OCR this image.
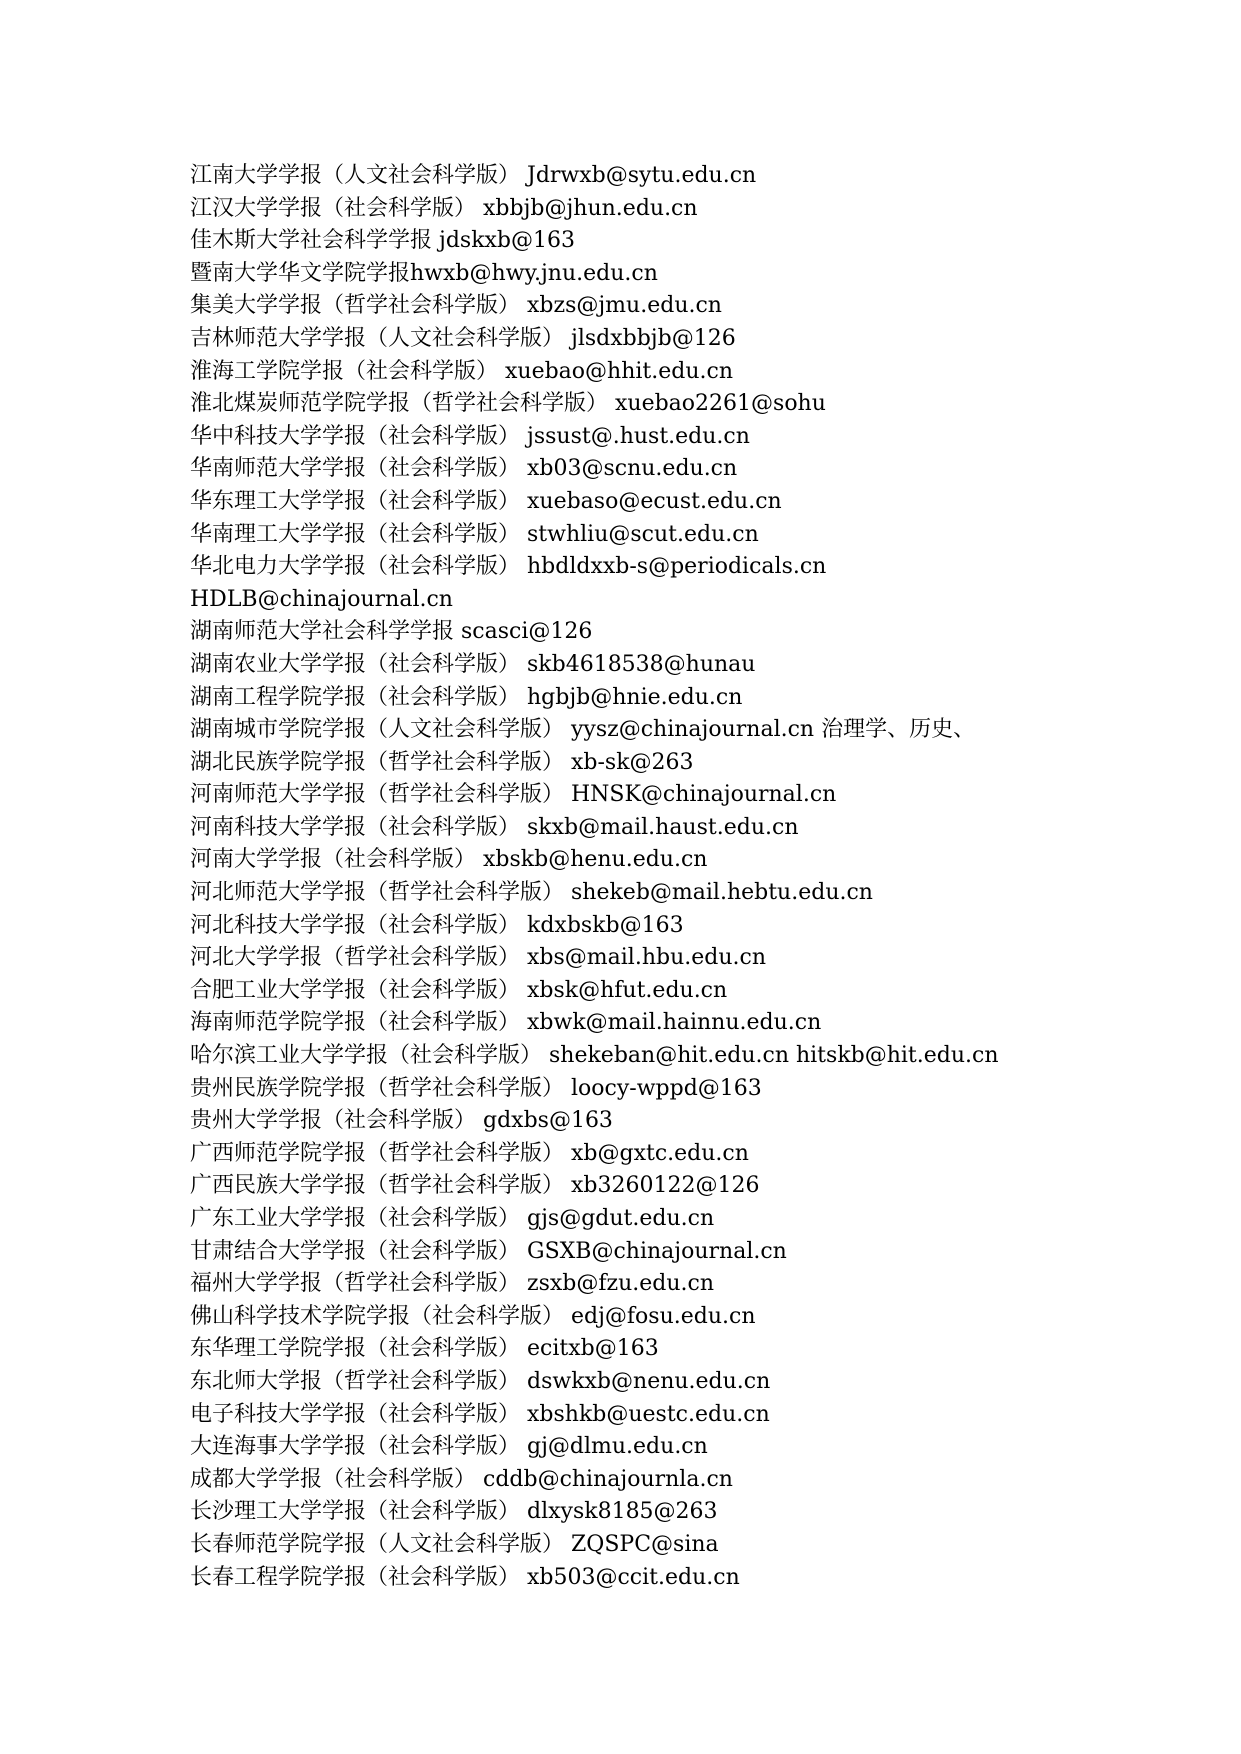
江南大学学报（人文社会科学版） Jdrwxb@sytu.edu.cn
江汉大学学报（社会科学版） xbbjb@jhun.edu.cn
佳木斯大学社会科学学报 jdskxb@163
暨南大学华文学院学报hwxb@hwy.jnu.edu.cn
集美大学学报（哲学社会科学版） xbzs@jmu.edu.cn
吉林师范大学学报（人文社会科学版） jlsdxbbjb@126
淮海工学院学报（社会科学版） xuebao@hhit.edu.cn
淮北煤炭师范学院学报（哲学社会科学版） xuebao2261@sohu
华中科技大学学报（社会科学版） jssust@.hust.edu.cn
华南师范大学学报（社会科学版） xb03@scnu.edu.cn
华东理工大学学报（社会科学版） xuebaso@ecust.edu.cn
华南理工大学学报（社会科学版） stwhliu@scut.edu.cn
华北电力大学学报（社会科学版） hbdldxxb-s@periodicals.cn
HDLB@chinajournal.cn
湖南师范大学社会科学学报 scasci@126
湖南农业大学学报（社会科学版） skb4618538@hunau
湖南工程学院学报（社会科学版） hgbjb@hnie.edu.cn
湖南城市学院学报（人文社会科学版） yysz@chinajournal.cn 治理学、历史、
湖北民族学院学报（哲学社会科学版） xb-sk@263
河南师范大学学报（哲学社会科学版） HNSK@chinajournal.cn
河南科技大学学报（社会科学版） skxb@mail.haust.edu.cn
河南大学学报（社会科学版） xbskb@henu.edu.cn
河北师范大学学报（哲学社会科学版） shekeb@mail.hebtu.edu.cn
河北科技大学学报（社会科学版） kdxbskb@163
河北大学学报（哲学社会科学版） xbs@mail.hbu.edu.cn
合肥工业大学学报（社会科学版） xbsk@hfut.edu.cn
海南师范学院学报（社会科学版） xbwk@mail.hainnu.edu.cn
哈尔滨工业大学学报（社会科学版） shekeban@hit.edu.cn hitskb@hit.edu.cn
贵州民族学院学报（哲学社会科学版） loocy-wppd@163
贵州大学学报（社会科学版） gdxbs@163
广西师范学院学报（哲学社会科学版） xb@gxtc.edu.cn
广西民族大学学报（哲学社会科学版） xb3260122@126
广东工业大学学报（社会科学版） gjs@gdut.edu.cn
甘肃结合大学学报（社会科学版） GSXB@chinajournal.cn
福州大学学报（哲学社会科学版） zsxb@fzu.edu.cn
佛山科学技术学院学报（社会科学版） edj@fosu.edu.cn
东华理工学院学报（社会科学版） ecitxb@163
东北师大学报（哲学社会科学版） dswkxb@nenu.edu.cn
电子科技大学学报（社会科学版） xbshkb@uestc.edu.cn
大连海事大学学报（社会科学版） gj@dlmu.edu.cn
成都大学学报（社会科学版） cddb@chinajournla.cn
长沙理工大学学报（社会科学版） dlxysk8185@263
长春师范学院学报（人文社会科学版） ZQSPC@sina
长春工程学院学报（社会科学版） xb503@ccit.edu.cn
